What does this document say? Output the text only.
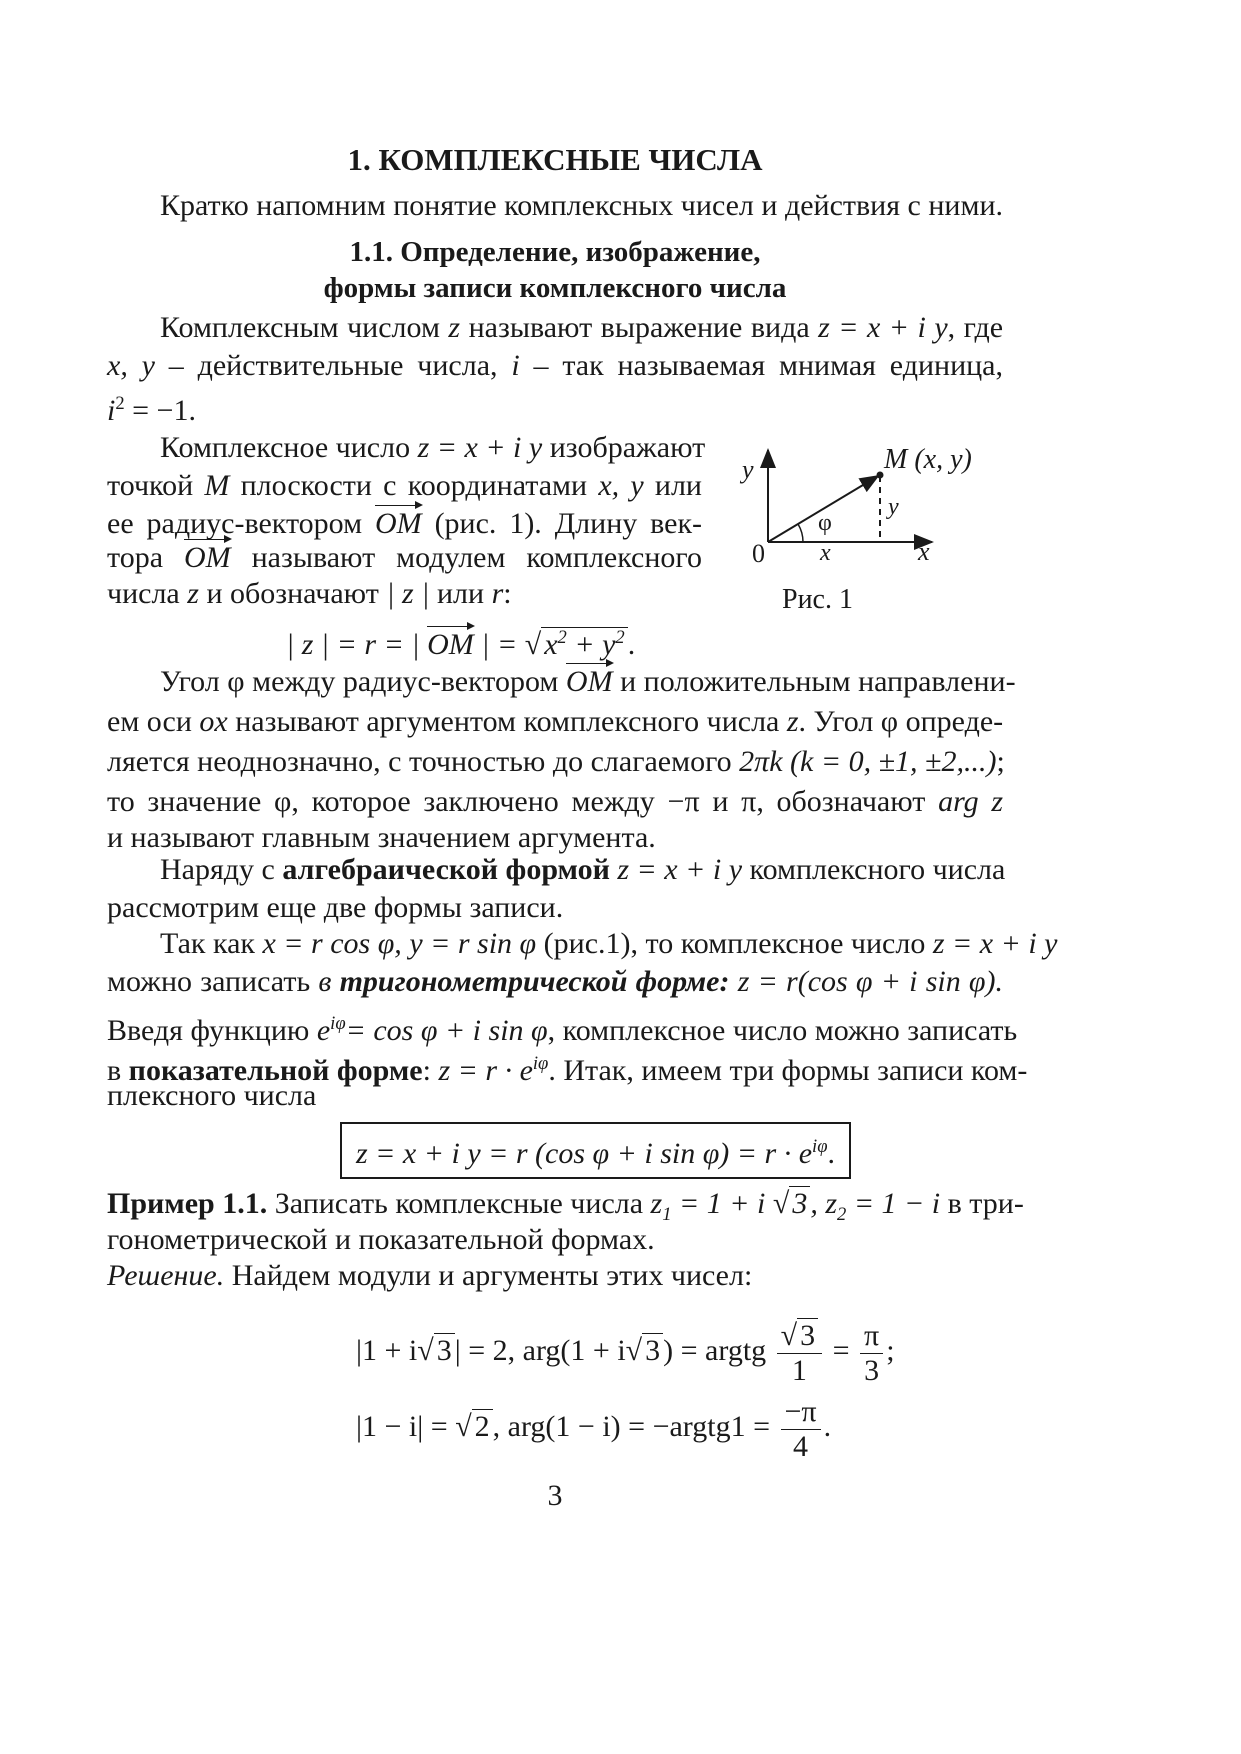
1. КОМПЛЕКСНЫЕ ЧИСЛА
Кратко напомним понятие комплексных чисел и действия с ними.
1.1. Определение, изображение,
формы записи комплексного числа
Комплексным числом z называют выражение вида z = x + i y, где
x, y – действительные числа, i – так называемая мнимая единица,
$i^2 = -1$.
Комплексное число z = x + i y изображают
точкой M плоскости с координатами x, y или
ее радиус-вектором OM (рис. 1). Длину век-
тора OM называют модулем комплексного
числа z и обозначают | z | или r:
| z | = r = | OM | = √ $x^2 + y^2$ .
M (x, y)
y
x
0
φ
x
y
Рис. 1
Угол φ между радиус-вектором OM и положительным направлени-
ем оси ox называют аргументом комплексного числа z. Угол φ опреде-
ляется неоднозначно, с точностью до слагаемого 2πk (k = 0, ±1, ±2,...);
то значение φ, которое заключено между −π и π, обозначают arg z
и называют главным значением аргумента.
Наряду с алгебраической формой z = x + i y комплексного числа
рассмотрим еще две формы записи.
Так как x = r cos φ, y = r sin φ (рис.1), то комплексное число z = x + i y
можно записать в тригонометрической форме: z = r(cos φ + i sin φ).
Введя функцию $e^{i\varphi}= \cos \varphi + i$ sin φ, комплексное число можно записать
в показательной форме: $z = r \cdot e^{i\varphi}$. Итак, имеем три формы записи ком-
плексного числа
z = x + i y = r (cos φ + i $\sin \varphi) = r \cdot e^{i\varphi}$.
Пример 1.1. Записать комплексные числа $z_1 = 1 + i$ √ 3 , $z_2 = 1 - i$ в три-
гонометрической и показательной формах.
Решение. Найдем модули и аргументы этих чисел:
|1 + i√ 3 | = 2, arg(1 + i√ 3 ) = argtg $\frac{√ 3}{1} = \frac{\pi}{3}$ ;
|1 − i| = √ 2 , arg(1 − i) = −argtg1 = $\frac{-\pi}{4}$ .
3
